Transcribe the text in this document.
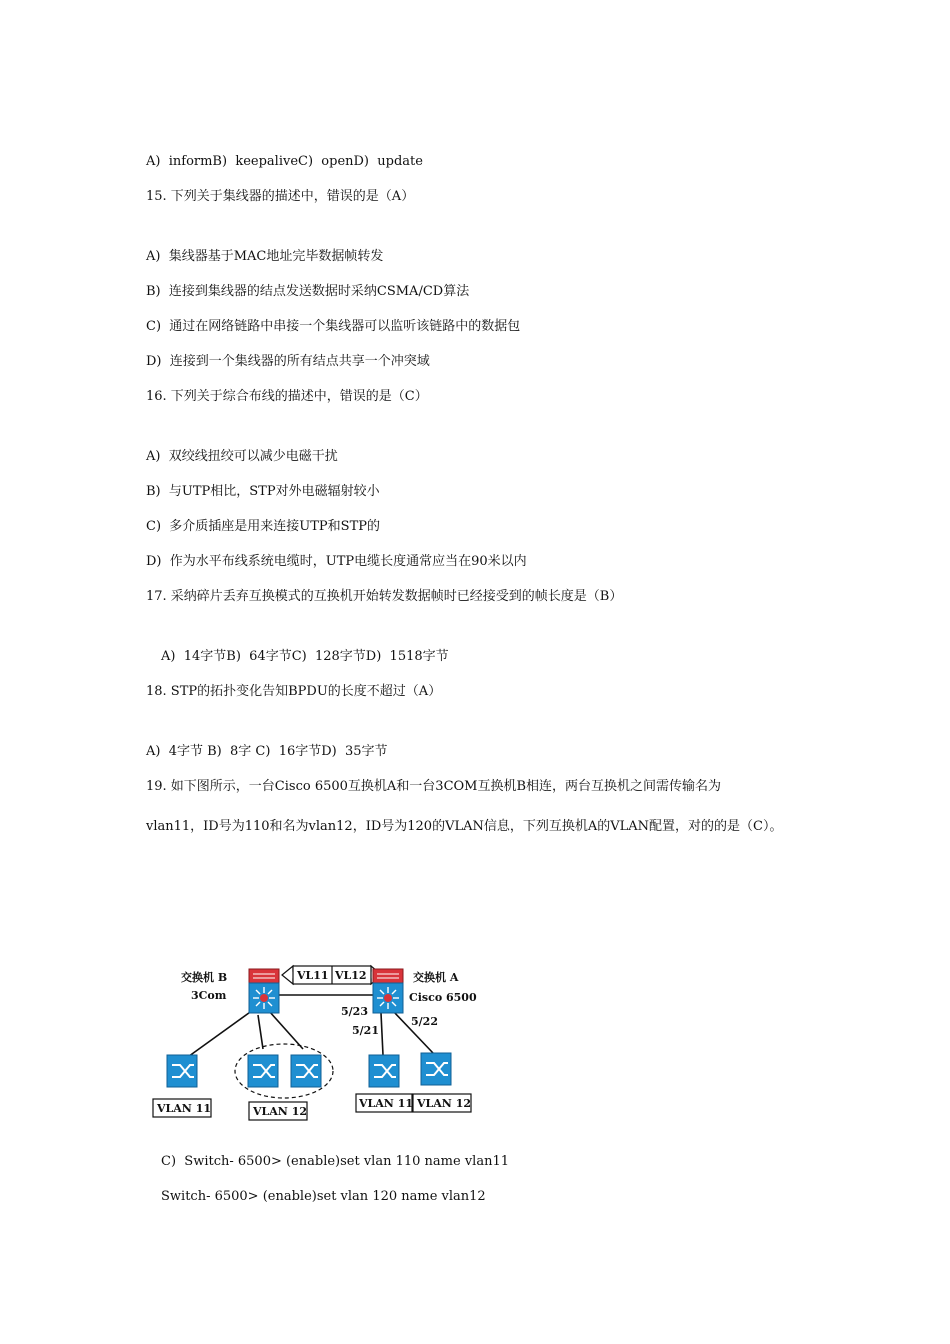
A)  informB)  keepaliveC)  openD)  update
15. 下列关于集线器的描述中，错误的是（A）
A)  集线器基于MAC地址完毕数据帧转发
B)  连接到集线器的结点发送数据时采纳CSMA/CD算法
C)  通过在网络链路中串接一个集线器可以监听该链路中的数据包
D)  连接到一个集线器的所有结点共享一个冲突域
16. 下列关于综合布线的描述中，错误的是（C）
A)  双绞线扭绞可以减少电磁干扰
B)  与UTP相比，STP对外电磁辐射较小
C)  多介质插座是用来连接UTP和STP的
D)  作为水平布线系统电缆时，UTP电缆长度通常应当在90米以内
17. 采纳碎片丢弃互换模式的互换机开始转发数据帧时已经接受到的帧长度是（B）
A)  14字节B)  64字节C)  128字节D)  1518字节
18. STP的拓扑变化告知BPDU的长度不超过（A）
A)  4字节 B)  8字 C)  16字节D)  35字节
19. 如下图所示，一台Cisco 6500互换机A和一台3COM互换机B相连，两台互换机之间需传输名为
vlan11，ID号为110和名为vlan12，ID号为120的VLAN信息，下列互换机A的VLAN配置，对的的是（C）。
VL11 VL12
交换机 B
3Com
交换机 A
Cisco 6500
5/23
5/21
5/22
VLAN 11	VLAN 12
VLAN 11 VLAN 12
C)  Switch- 6500> (enable)set vlan 110 name vlan11
Switch- 6500> (enable)set vlan 120 name vlan12
